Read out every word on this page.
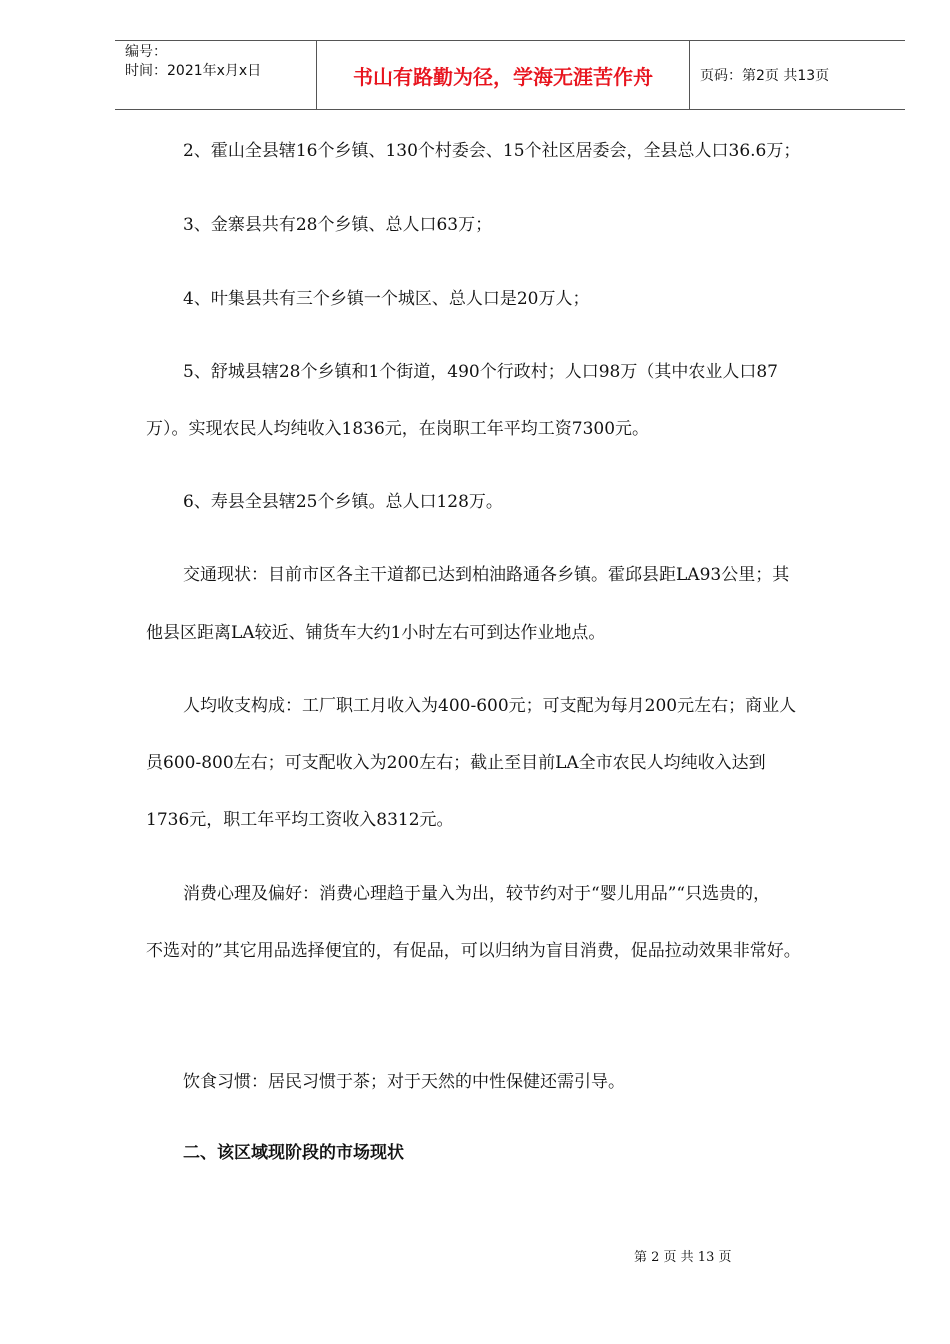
编号：
时间：2021年x月x日	书山有路勤为径，学海无涯苦作舟	页码：第2页 共13页
2、霍山全县辖16个乡镇、130个村委会、15个社区居委会，全县总人口36.6万；
3、金寨县共有28个乡镇、总人口63万；
4、叶集县共有三个乡镇一个城区、总人口是20万人；
5、舒城县辖28个乡镇和1个街道，490个行政村；人口98万（其中农业人口87
万）。实现农民人均纯收入1836元，在岗职工年平均工资7300元。
6、寿县全县辖25个乡镇。总人口128万。
交通现状：目前市区各主干道都已达到柏油路通各乡镇。霍邱县距LA93公里；其
他县区距离LA较近、铺货车大约1小时左右可到达作业地点。
人均收支构成：工厂职工月收入为400-600元；可支配为每月200元左右；商业人
员600-800左右；可支配收入为200左右；截止至目前LA全市农民人均纯收入达到
1736元，职工年平均工资收入8312元。
消费心理及偏好：消费心理趋于量入为出，较节约对于“婴儿用品”“只选贵的，
不选对的”其它用品选择便宜的，有促品，可以归纳为盲目消费，促品拉动效果非常好。
饮食习惯：居民习惯于茶；对于天然的中性保健还需引导。
二、该区域现阶段的市场现状
第 2 页 共 13 页
